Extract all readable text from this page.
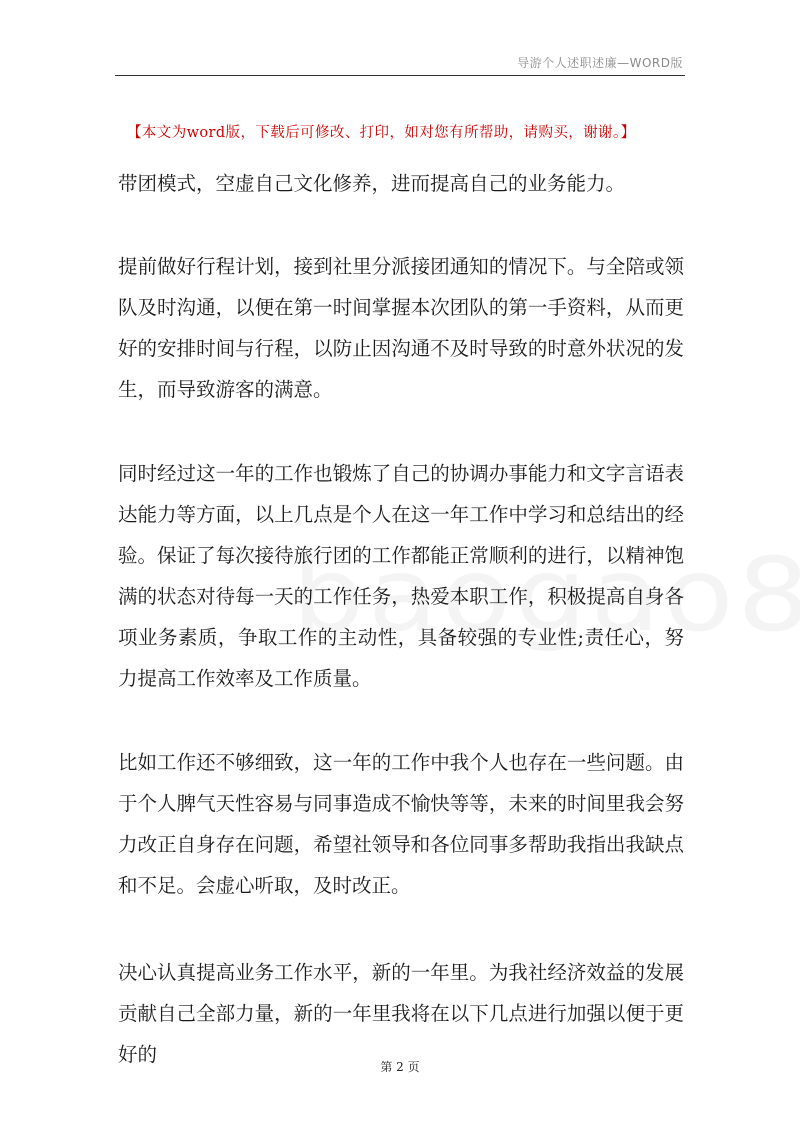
导游个人述职述廉—WORD版
【本文为word版，下载后可修改、打印，如对您有所帮助，请购买，谢谢。】

带团模式，空虚自己文化修养，进而提高自己的业务能力。

提前做好行程计划，接到社里分派接团通知的情况下。与全陪或领队及时沟通，以便在第一时间掌握本次团队的第一手资料，从而更好的安排时间与行程，以防止因沟通不及时导致的时意外状况的发生，而导致游客的满意。

同时经过这一年的工作也锻炼了自己的协调办事能力和文字言语表达能力等方面，以上几点是个人在这一年工作中学习和总结出的经验。保证了每次接待旅行团的工作都能正常顺利的进行，以精神饱满的状态对待每一天的工作任务，热爱本职工作，积极提高自身各项业务素质，争取工作的主动性，具备较强的专业性;责任心，努力提高工作效率及工作质量。

比如工作还不够细致，这一年的工作中我个人也存在一些问题。由于个人脾气天性容易与同事造成不愉快等等，未来的时间里我会努力改正自身存在问题，希望社领导和各位同事多帮助我指出我缺点和不足。会虚心听取，及时改正。

决心认真提高业务工作水平，新的一年里。为我社经济效益的发展贡献自己全部力量，新的一年里我将在以下几点进行加强以便于更好的

第 2 页
